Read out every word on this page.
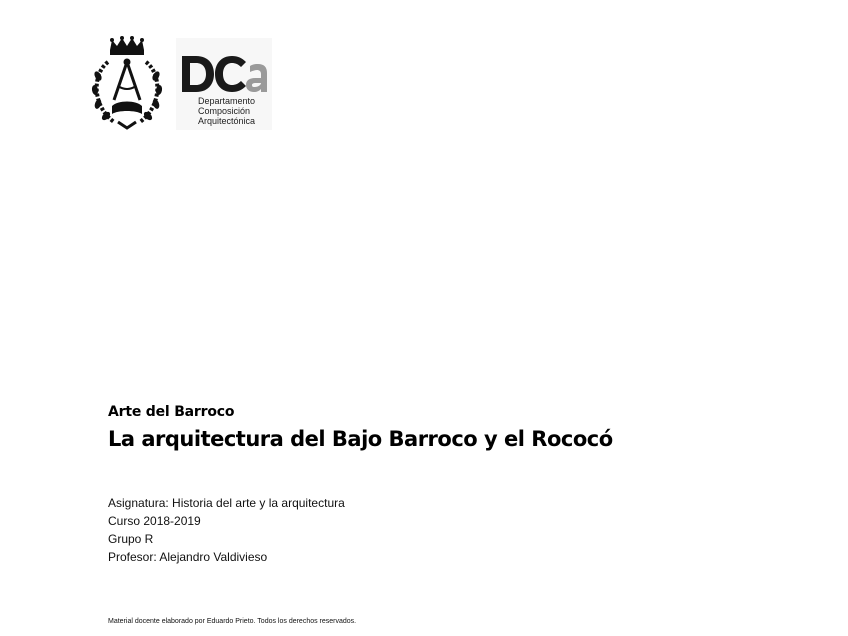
Departamento
Composición
Arquitectónica
Arte del Barroco
La arquitectura del Bajo Barroco y el Rococó
Asignatura: Historia del arte y la arquitectura
Curso 2018-2019
Grupo R
Profesor: Alejandro Valdivieso
Material docente elaborado por Eduardo Prieto. Todos los derechos reservados.
